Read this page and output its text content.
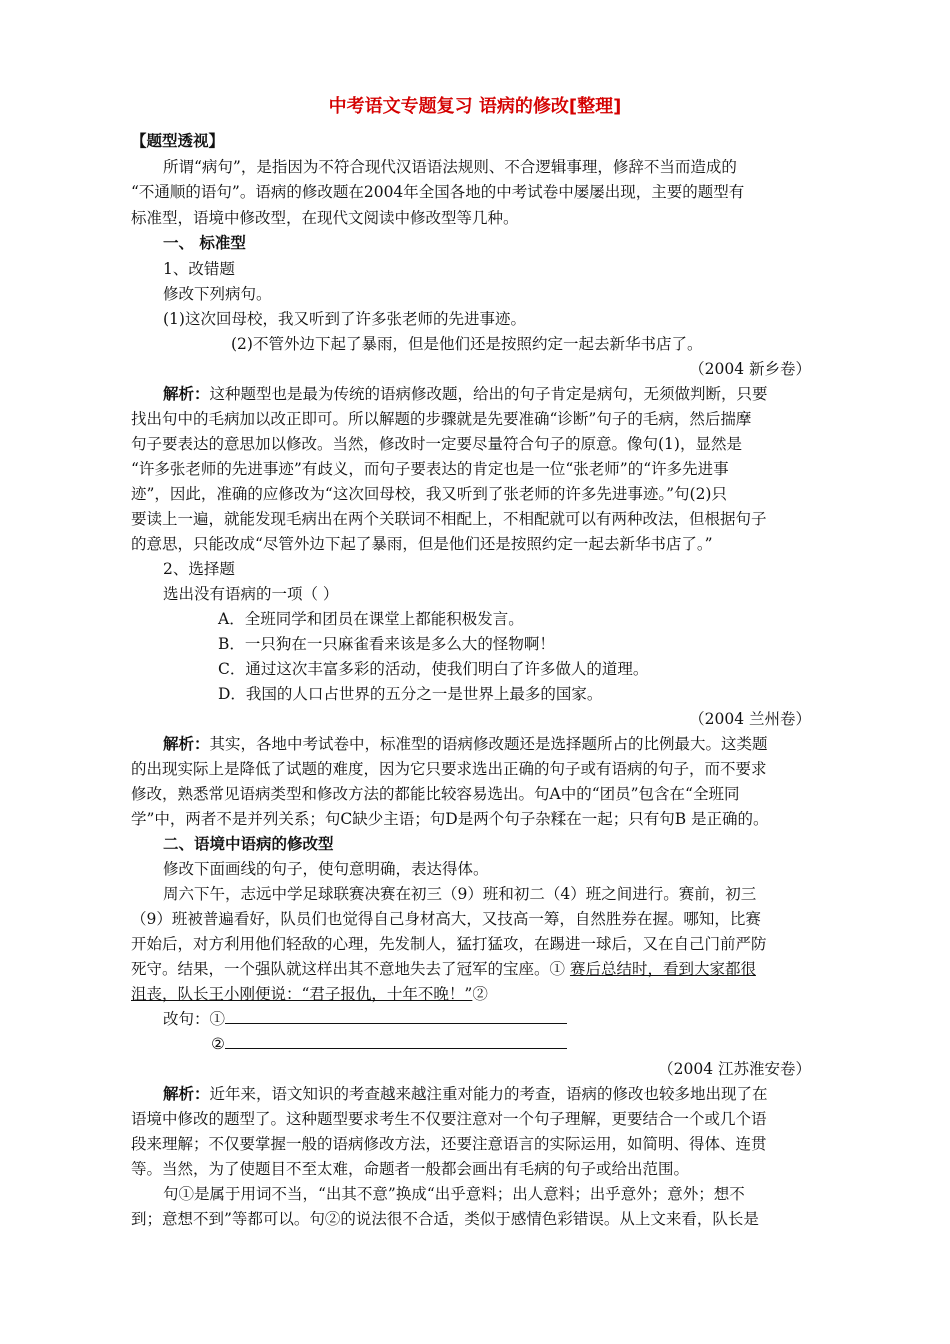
中考语文专题复习 语病的修改[整理]
【题型透视】
所谓“病句”，是指因为不符合现代汉语语法规则、不合逻辑事理，修辞不当而造成的
“不通顺的语句”。语病的修改题在2004年全国各地的中考试卷中屡屡出现，主要的题型有
标准型，语境中修改型，在现代文阅读中修改型等几种。
一、 标准型
1、改错题
修改下列病句。
(1)这次回母校，我又听到了许多张老师的先进事迹。
(2)不管外边下起了暴雨，但是他们还是按照约定一起去新华书店了。
（2004 新乡卷）
解析：这种题型也是最为传统的语病修改题，给出的句子肯定是病句，无须做判断，只要
找出句中的毛病加以改正即可。所以解题的步骤就是先要准确“诊断”句子的毛病，然后揣摩
句子要表达的意思加以修改。当然，修改时一定要尽量符合句子的原意。像句(1)，显然是
“许多张老师的先进事迹”有歧义，而句子要表达的肯定也是一位“张老师”的“许多先进事
迹”，因此，准确的应修改为“这次回母校，我又听到了张老师的许多先进事迹。”句(2)只
要读上一遍，就能发现毛病出在两个关联词不相配上，不相配就可以有两种改法，但根据句子
的意思，只能改成“尽管外边下起了暴雨，但是他们还是按照约定一起去新华书店了。”
2、选择题
选出没有语病的一项（ ）
A．全班同学和团员在课堂上都能积极发言。
B．一只狗在一只麻雀看来该是多么大的怪物啊！
C．通过这次丰富多彩的活动，使我们明白了许多做人的道理。
D．我国的人口占世界的五分之一是世界上最多的国家。
（2004 兰州卷）
解析：其实，各地中考试卷中，标准型的语病修改题还是选择题所占的比例最大。这类题
的出现实际上是降低了试题的难度，因为它只要求选出正确的句子或有语病的句子，而不要求
修改，熟悉常见语病类型和修改方法的都能比较容易选出。句A中的“团员”包含在“全班同
学”中，两者不是并列关系；句C缺少主语；句D是两个句子杂糅在一起；只有句B 是正确的。
二、语境中语病的修改型
修改下面画线的句子，使句意明确，表达得体。
周六下午，志远中学足球联赛决赛在初三（9）班和初二（4）班之间进行。赛前，初三
（9）班被普遍看好，队员们也觉得自己身材高大，又技高一筹，自然胜券在握。哪知，比赛
开始后，对方利用他们轻敌的心理，先发制人，猛打猛攻，在踢进一球后，又在自己门前严防
死守。结果，一个强队就这样出其不意地失去了冠军的宝座。① 赛后总结时，看到大家都很
沮丧，队长王小刚便说：“君子报仇，十年不晚！”②
改句：①
②
（2004 江苏淮安卷）
解析：近年来，语文知识的考查越来越注重对能力的考查，语病的修改也较多地出现了在
语境中修改的题型了。这种题型要求考生不仅要注意对一个句子理解，更要结合一个或几个语
段来理解；不仅要掌握一般的语病修改方法，还要注意语言的实际运用，如简明、得体、连贯
等。当然，为了使题目不至太难，命题者一般都会画出有毛病的句子或给出范围。
句①是属于用词不当，“出其不意”换成“出乎意料；出人意料；出乎意外；意外；想不
到；意想不到”等都可以。句②的说法很不合适，类似于感情色彩错误。从上文来看，队长是
